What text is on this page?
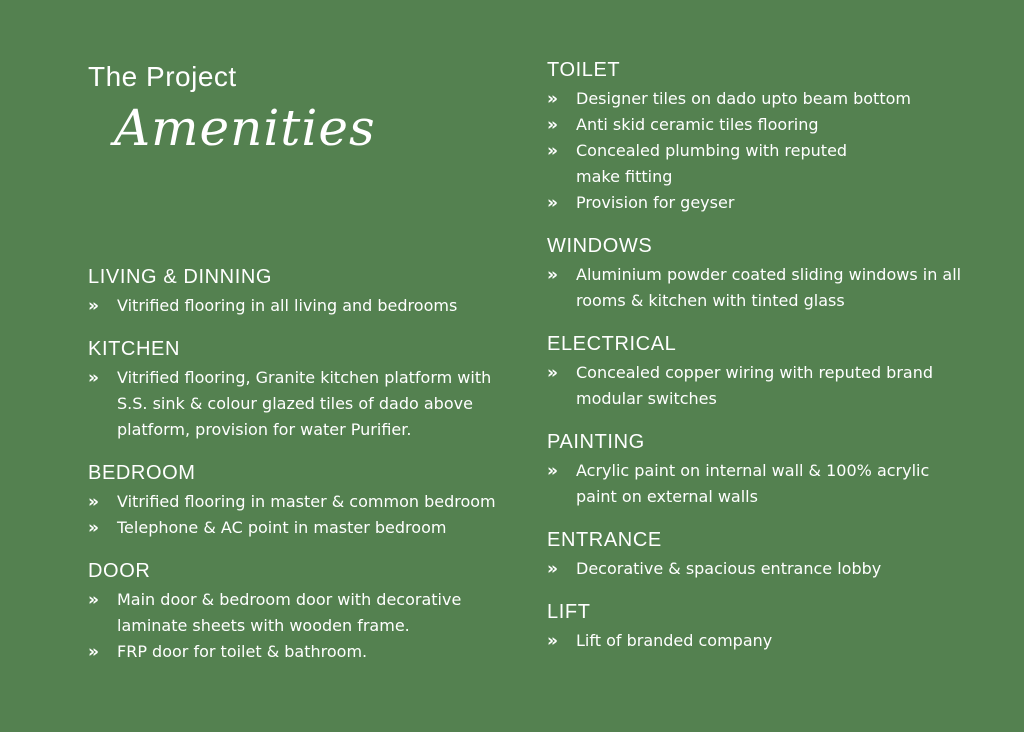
The Project
Amenities
LIVING & DINNING
» Vitrified flooring in all living and bedrooms
KITCHEN
» Vitrified flooring, Granite kitchen platform with S.S. sink & colour glazed tiles of dado above platform, provision for water Purifier.
BEDROOM
» Vitrified flooring in master & common bedroom
» Telephone & AC point in master bedroom
DOOR
» Main door & bedroom door with decorative laminate sheets with wooden frame.
» FRP door for toilet & bathroom.
TOILET
» Designer tiles on dado upto beam bottom
» Anti skid ceramic tiles flooring
» Concealed plumbing with reputed make fitting
» Provision for geyser
WINDOWS
» Aluminium powder coated sliding windows in all rooms & kitchen with tinted glass
ELECTRICAL
» Concealed copper wiring with reputed brand modular switches
PAINTING
» Acrylic paint on internal wall & 100% acrylic paint on external walls
ENTRANCE
» Decorative & spacious entrance lobby
LIFT
» Lift of branded company
